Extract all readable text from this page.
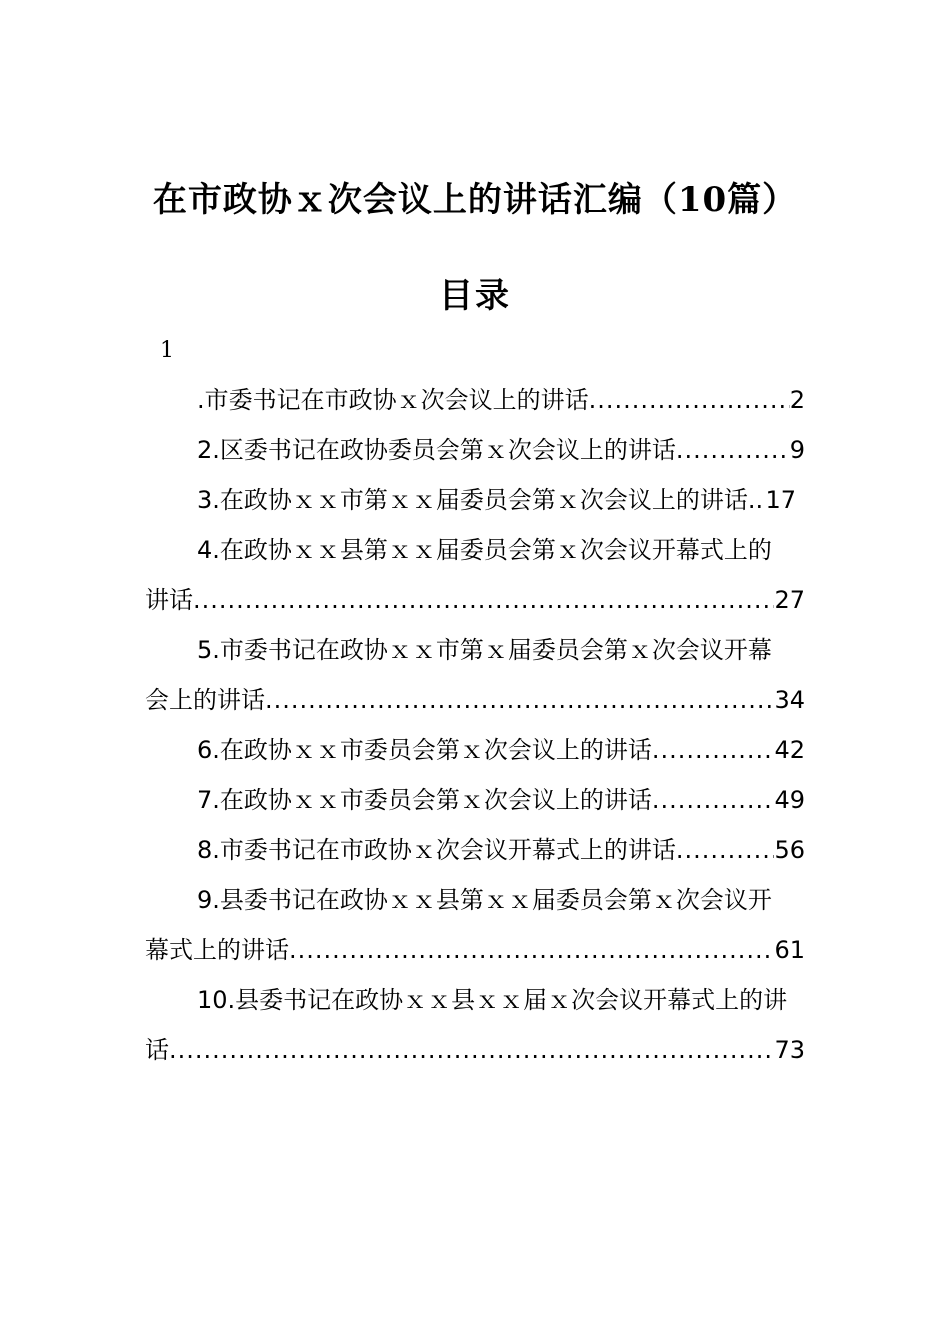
在市政协ｘ次会议上的讲话汇编（10篇）
目录
1
.市委书记在市政协ｘ次会议上的讲话 .....	2
2.区委书记在政协委员会第ｘ次会议上的讲话 .....	9
3.在政协ｘｘ市第ｘｘ届委员会第ｘ次会议上的讲话. ..... 17
4.在政协ｘｘ县第ｘｘ届委员会第ｘ次会议开幕式上的
讲话 .....	27
5.市委书记在政协ｘｘ市第ｘ届委员会第ｘ次会议开幕
会上的讲话 .....	34
6.在政协ｘｘ市委员会第ｘ次会议上的讲话 .....	42
7.在政协ｘｘ市委员会第ｘ次会议上的讲话 .....	49
8.市委书记在市政协ｘ次会议开幕式上的讲话 .....	56
9.县委书记在政协ｘｘ县第ｘｘ届委员会第ｘ次会议开
幕式上的讲话 .....	61
10.县委书记在政协ｘｘ县ｘｘ届ｘ次会议开幕式上的讲
话 .....	73
